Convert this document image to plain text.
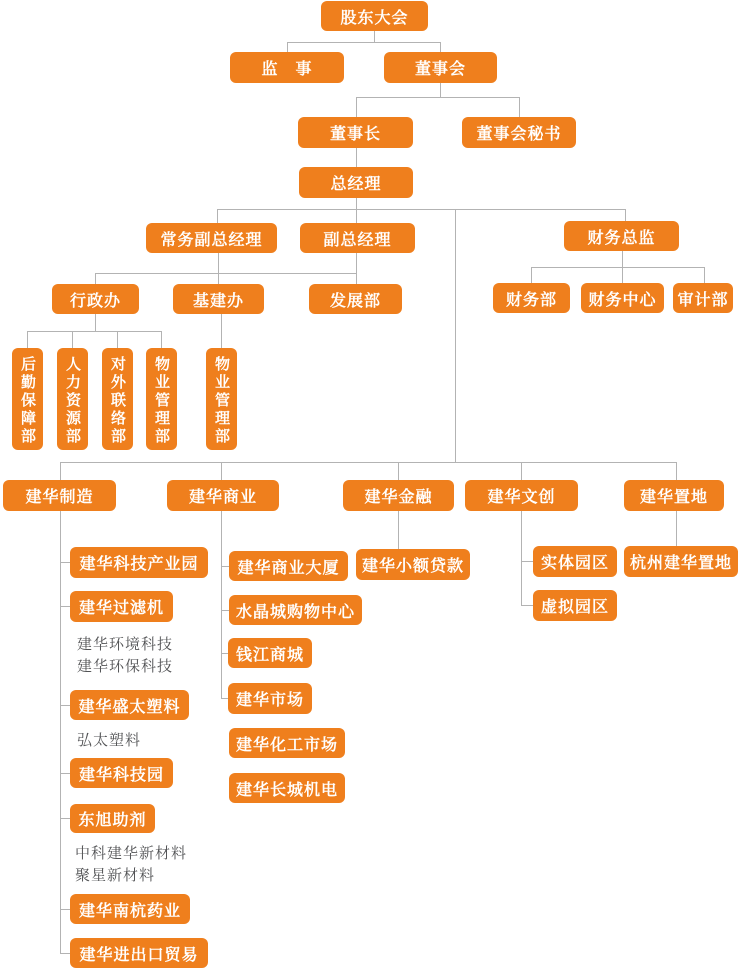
股东大会
监　事	董事会
董事长	董事会秘书
总经理
常务副总经理	副总经理	财务总监
行政办	基建办	发展部	财务部	财务中心	审计部
后勤保障部	人力资源部	对外联络部	物业管理部	物业管理部
建华制造	建华商业	建华金融	建华文创	建华置地
建华科技产业园
建华过滤机
建华环境科技
建华环保科技
建华盛太塑料
弘太塑料
建华科技园
东旭助剂
中科建华新材料
聚星新材料
建华南杭药业
建华进出口贸易
建华商业大厦
水晶城购物中心
钱江商城
建华市场
建华化工市场
建华长城机电
建华小额贷款	实体园区
虚拟园区
杭州建华置地
